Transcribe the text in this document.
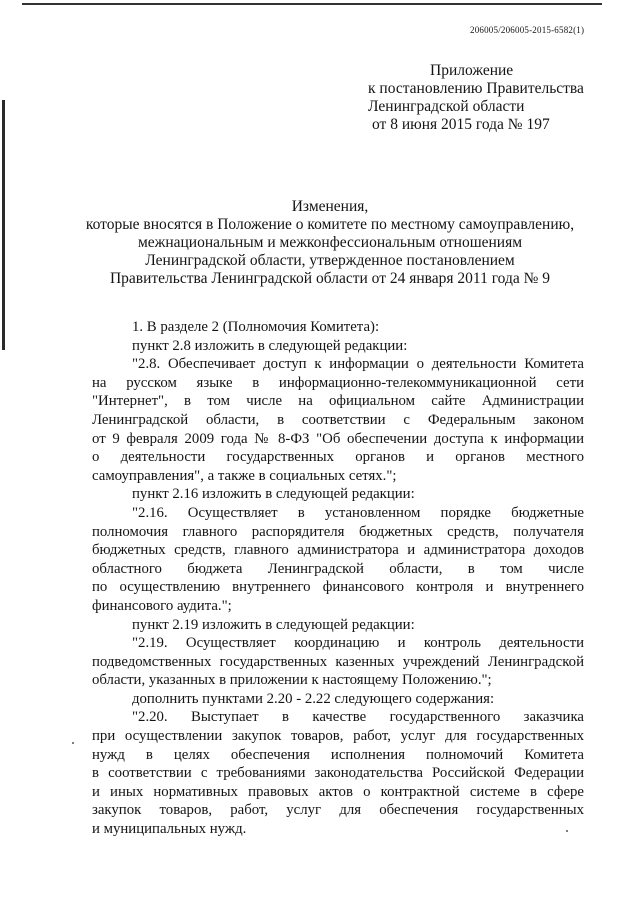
206005/206005-2015-6582(1)
Приложение
к постановлению Правительства
Ленинградской области
от 8 июня 2015 года № 197
Изменения,
которые вносятся в Положение о комитете по местному самоуправлению,
межнациональным и межконфессиональным отношениям
Ленинградской области, утвержденное постановлением
Правительства Ленинградской области от 24 января 2011 года № 9

1. В разделе 2 (Полномочия Комитета):

пункт 2.8 изложить в следующей редакции:

"2.8. Обеспечивает доступ к информации о деятельности Комитета

на русском языке в информационно-телекоммуникационной сети

"Интернет", в том числе на официальном сайте Администрации

Ленинградской области, в соответствии с Федеральным законом

от 9 февраля 2009 года № 8-ФЗ "Об обеспечении доступа к информации

о деятельности государственных органов и органов местного

самоуправления", а также в социальных сетях.";

пункт 2.16 изложить в следующей редакции:

"2.16. Осуществляет в установленном порядке бюджетные

полномочия главного распорядителя бюджетных средств, получателя

бюджетных средств, главного администратора и администратора доходов

областного бюджета Ленинградской области, в том числе

по осуществлению внутреннего финансового контроля и внутреннего

финансового аудита.";

пункт 2.19 изложить в следующей редакции:

"2.19. Осуществляет координацию и контроль деятельности

подведомственных государственных казенных учреждений Ленинградской

области, указанных в приложении к настоящему Положению.";

дополнить пунктами 2.20 - 2.22 следующего содержания:

"2.20. Выступает в качестве государственного заказчика

при осуществлении закупок товаров, работ, услуг для государственных

нужд в целях обеспечения исполнения полномочий Комитета

в соответствии с требованиями законодательства Российской Федерации

и иных нормативных правовых актов о контрактной системе в сфере

закупок товаров, работ, услуг для обеспечения государственных

и муниципальных нужд.
